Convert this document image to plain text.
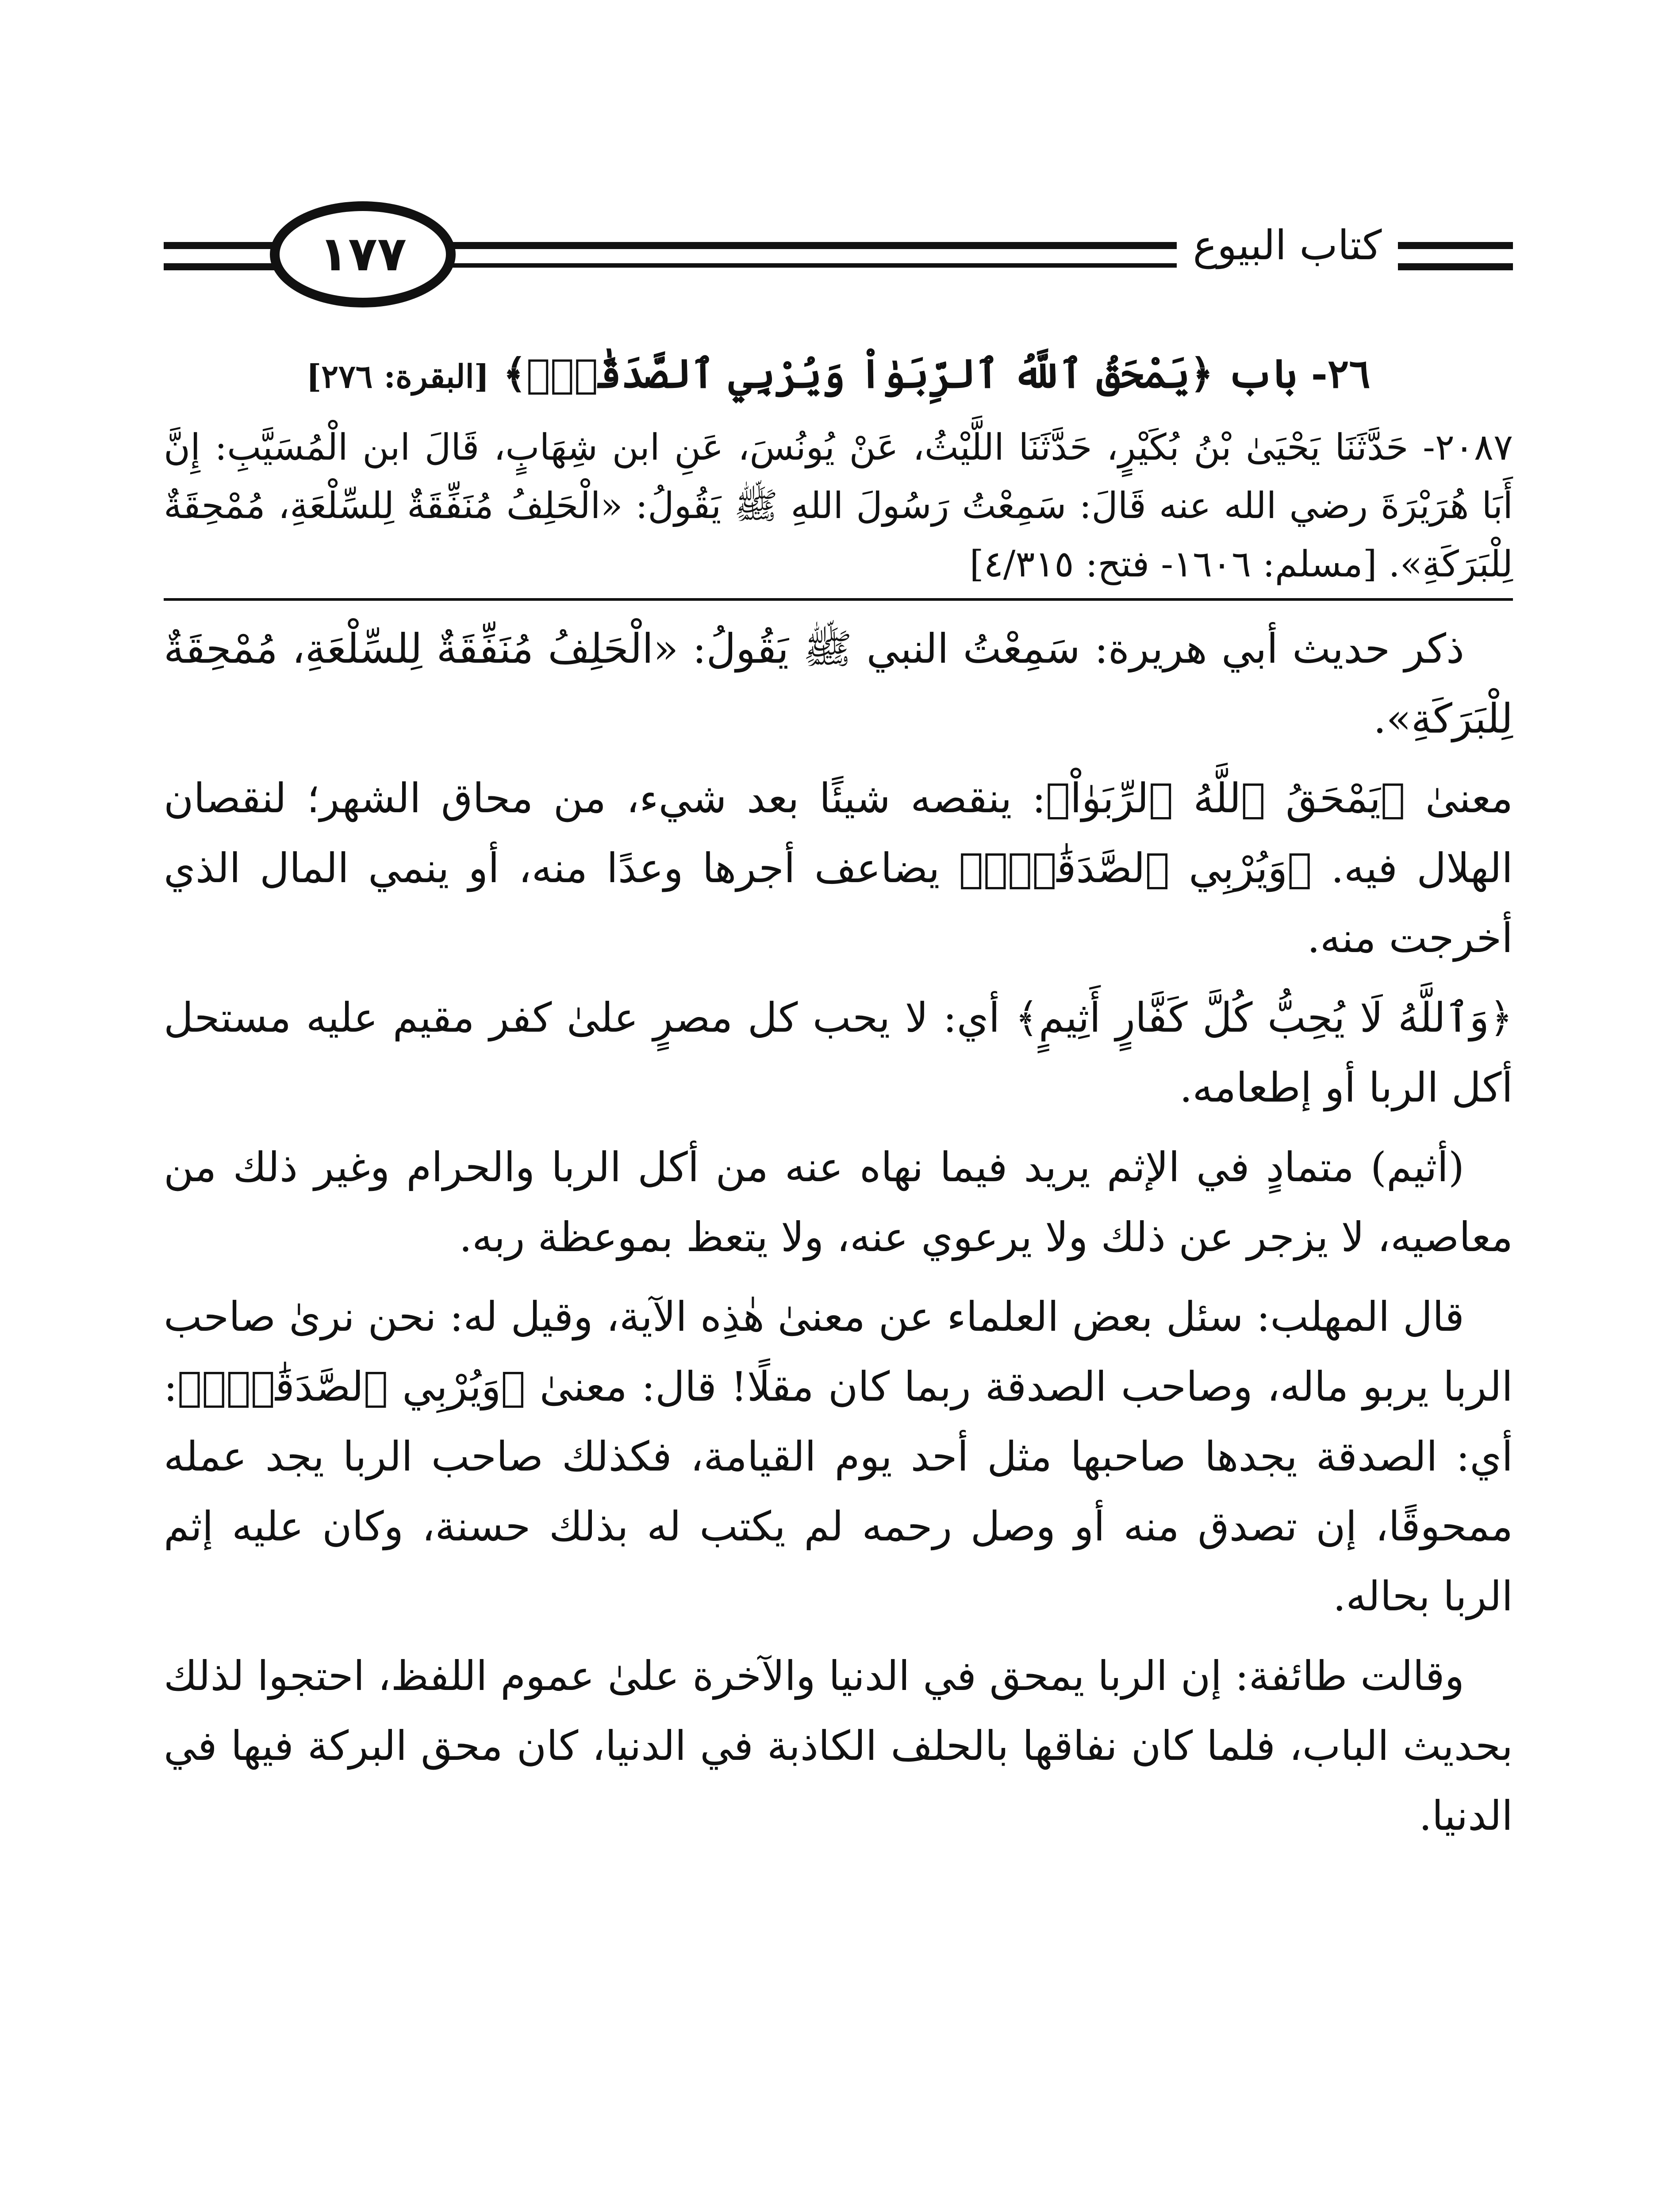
١٧٧	كتاب البيوع
٢٦- باب ﴿يَمْحَقُ ٱللَّهُ ٱلرِّبَوٰاْ وَيُرْبِي ٱلصَّدَقَٰتِۗ﴾ [البقرة: ٢٧٦]

٢٠٨٧- حَدَّثَنَا يَحْيَىٰ بْنُ بُكَيْرٍ، حَدَّثَنَا اللَّيْثُ، عَنْ يُونُسَ، عَنِ ابن شِهَابٍ، قَالَ ابن الْمُسَيَّبِ: إِنَّ أَبَا هُرَيْرَةَ رضي الله عنه قَالَ: سَمِعْتُ رَسُولَ اللهِ ﷺ يَقُولُ: «الْحَلِفُ مُنَفِّقَةٌ لِلسِّلْعَةِ، مُمْحِقَةٌ لِلْبَرَكَةِ». [مسلم: ١٦٠٦- فتح: ٤/٣١٥]

ذكر حديث أبي هريرة: سَمِعْتُ النبي ﷺ يَقُولُ: «الْحَلِفُ مُنَفِّقَةٌ لِلسِّلْعَةِ، مُمْحِقَةٌ لِلْبَرَكَةِ».

معنىٰ ﴿يَمْحَقُ ٱللَّهُ ٱلرِّبَوٰاْ﴾: ينقصه شيئًا بعد شيء، من محاق الشهر؛ لنقصان الهلال فيه. ﴿وَيُرْبِي ٱلصَّدَقَٰتِۗ﴾ يضاعف أجرها وعدًا منه، أو ينمي المال الذي أخرجت منه.

﴿وَٱللَّهُ لَا يُحِبُّ كُلَّ كَفَّارٍ أَثِيمٍ﴾ أي: لا يحب كل مصرٍ علىٰ كفر مقيم عليه مستحل أكل الربا أو إطعامه.

(أثيم) متمادٍ في الإثم يريد فيما نهاه عنه من أكل الربا والحرام وغير ذلك من معاصيه، لا يزجر عن ذلك ولا يرعوي عنه، ولا يتعظ بموعظة ربه.

قال المهلب: سئل بعض العلماء عن معنىٰ هٰذِه الآية، وقيل له: نحن نرىٰ صاحب الربا يربو ماله، وصاحب الصدقة ربما كان مقلًا! قال: معنىٰ ﴿وَيُرْبِي ٱلصَّدَقَٰتِۗ﴾: أي: الصدقة يجدها صاحبها مثل أحد يوم القيامة، فكذلك صاحب الربا يجد عمله ممحوقًا، إن تصدق منه أو وصل رحمه لم يكتب له بذلك حسنة، وكان عليه إثم الربا بحاله.

وقالت طائفة: إن الربا يمحق في الدنيا والآخرة علىٰ عموم اللفظ، احتجوا لذلك بحديث الباب، فلما كان نفاقها بالحلف الكاذبة في الدنيا، كان محق البركة فيها في الدنيا.
